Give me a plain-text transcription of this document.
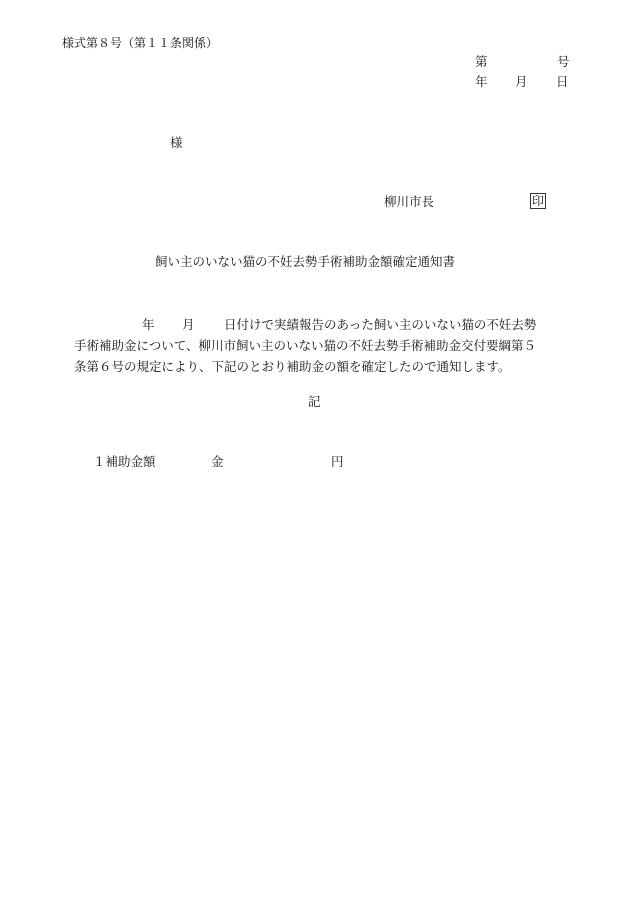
様式第８号（第１１条関係）
第	号
年 月 日
様
柳川市長	印
飼い主のいない猫の不妊去勢手術補助金額確定通知書
年 月 日付けで実績報告のあった飼い主のいない猫の不妊去勢
手術補助金について、柳川市飼い主のいない猫の不妊去勢手術補助金交付要綱第５
条第６号の規定により、下記のとおり補助金の額を確定したので通知します。
記
１補助金額	金	円
